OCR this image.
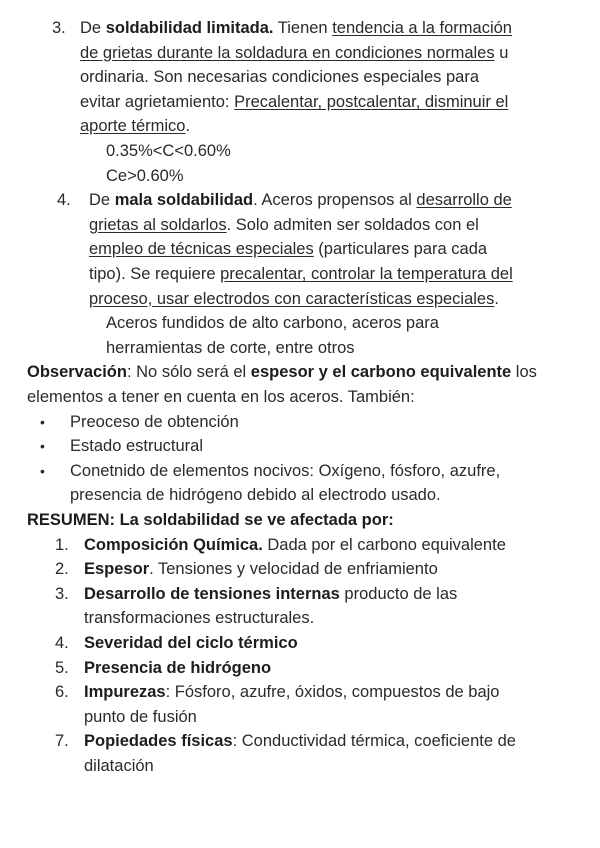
3. De soldabilidad limitada. Tienen tendencia a la formación
de grietas durante la soldadura en condiciones normales u
ordinaria. Son necesarias condiciones especiales para
evitar agrietamiento: Precalentar, postcalentar, disminuir el
aporte térmico.
0.35%<C<0.60%
Ce>0.60%
4. De mala soldabilidad. Aceros propensos al desarrollo de
grietas al soldarlos. Solo admiten ser soldados con el
empleo de técnicas especiales (particulares para cada
tipo). Se requiere precalentar, controlar la temperatura del
proceso, usar electrodos con características especiales.
Aceros fundidos de alto carbono, aceros para
herramientas de corte, entre otros
Observación: No sólo será el espesor y el carbono equivalente los
elementos a tener en cuenta en los aceros. También:
• Preoceso de obtención
• Estado estructural
• Conetnido de elementos nocivos: Oxígeno, fósforo, azufre,
presencia de hidrógeno debido al electrodo usado.
RESUMEN: La soldabilidad se ve afectada por:
1. Composición Química. Dada por el carbono equivalente
2. Espesor. Tensiones y velocidad de enfriamiento
3. Desarrollo de tensiones internas producto de las
transformaciones estructurales.
4. Severidad del ciclo térmico
5. Presencia de hidrógeno
6. Impurezas: Fósforo, azufre, óxidos, compuestos de bajo
punto de fusión
7. Popiedades físicas: Conductividad térmica, coeficiente de
dilatación
